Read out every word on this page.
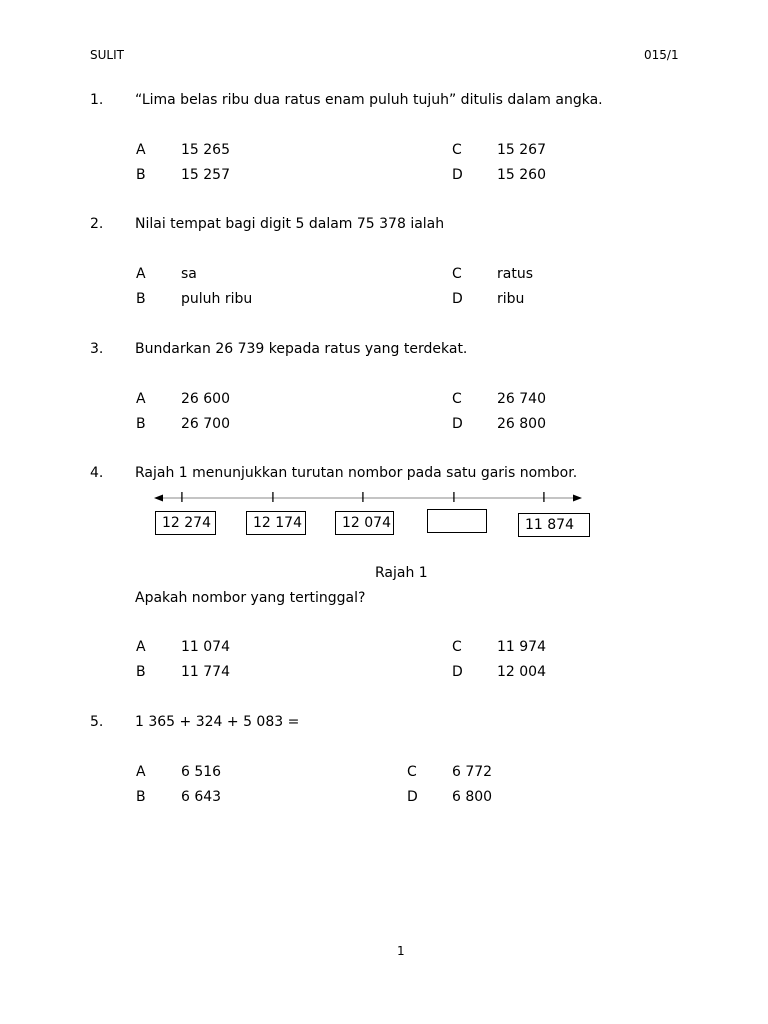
SULIT	015/1
1. “Lima belas ribu dua ratus enam puluh tujuh” ditulis dalam angka.
A	15 265
B	15 257
C	15 267
D 15 260
2. Nilai tempat bagi digit 5 dalam 75 378 ialah
A	sa
B	puluh ribu
C	ratus
D ribu
3. Bundarkan 26 739 kepada ratus yang terdekat.
A	26 600
B	26 700
C	26 740
D 26 800
4. Rajah 1 menunjukkan turutan nombor pada satu garis nombor.
I	I	I	I	I
12 274	12 174	12 074	11 874
Rajah 1
Apakah nombor yang tertinggal?
A	11 074
B	11 774
C	11 974
D 12 004
5. 1 365 + 324 + 5 083 =
A	6 516
B	6 643
C	6 772
D 6 800
1
